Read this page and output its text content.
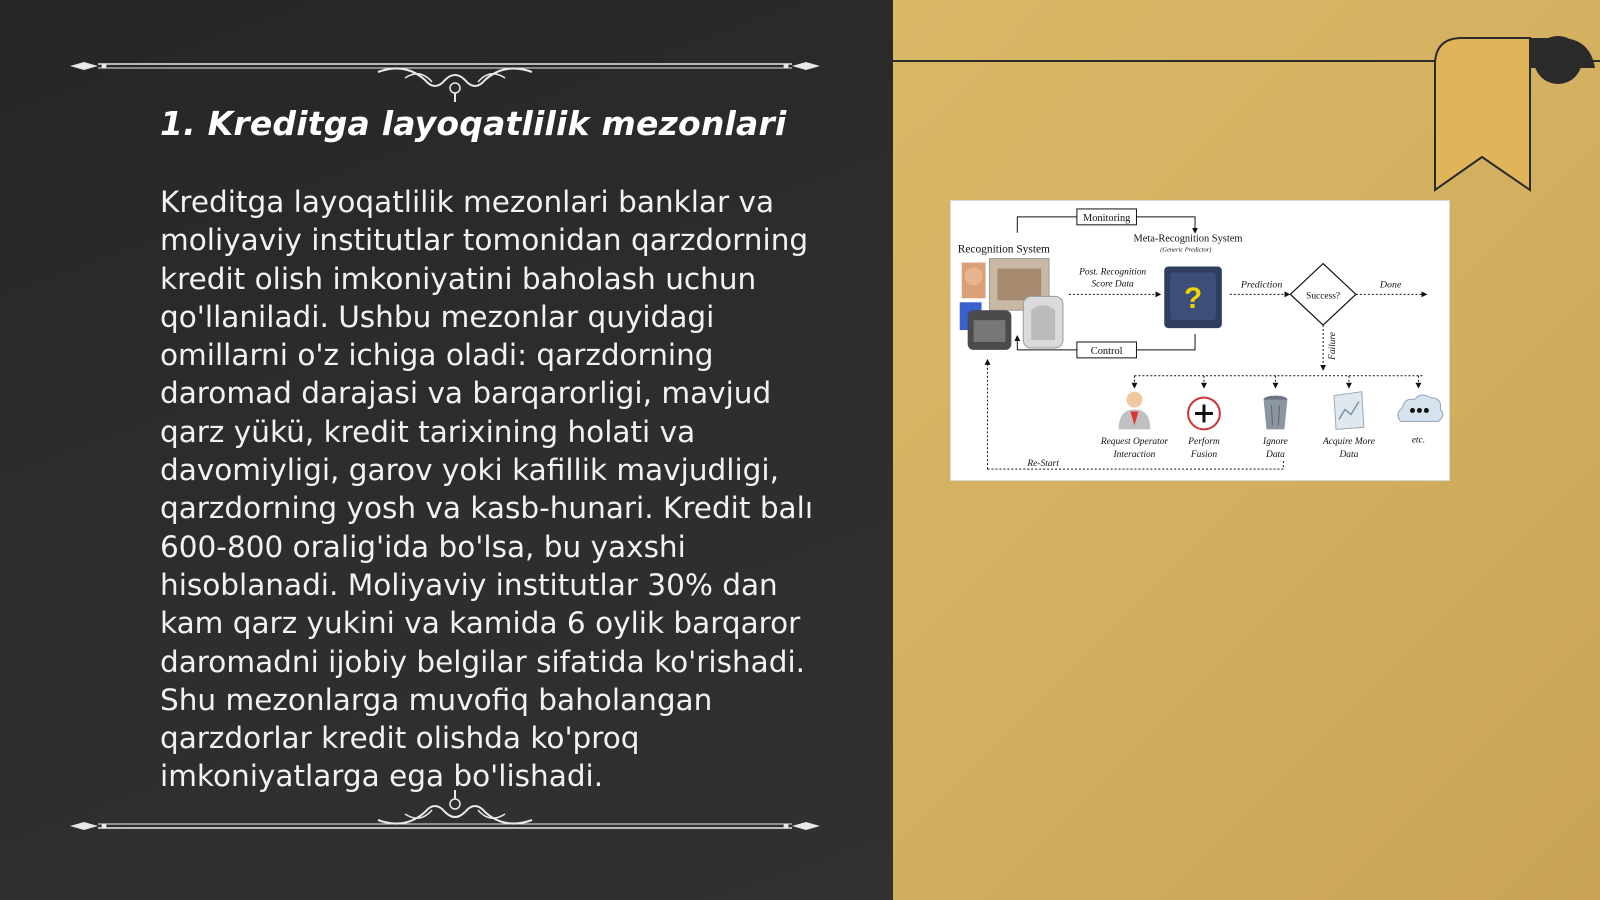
1. Kreditga layoqatlilik mezonlari
Kreditga layoqatlilik mezonlari banklar va moliyaviy institutlar tomonidan qarzdorning kredit olish imkoniyatini baholash uchun qo'llaniladi. Ushbu mezonlar quyidagi omillarni o'z ichiga oladi: qarzdorning daromad darajasi va barqarorligi, mavjud qarz yükü, kredit tarixining holati va davomiyligi, garov yoki kafillik mavjudligi, qarzdorning yosh va kasb-hunari. Kredit balı 600-800 oralig'ida bo'lsa, bu yaxshi hisoblanadi. Moliyaviy institutlar 30% dan kam qarz yukini va kamida 6 oylik barqaror daromadni ijobiy belgilar sifatida ko'rishadi. Shu mezonlarga muvofiq baholangan qarzdorlar kredit olishda ko'proq imkoniyatlarga ega bo'lishadi.
Monitoring
Recognition System
Meta-Recognition System
(Generic Predictor)
Post. Recognition
Score Data ?	Prediction
Success?
Done
Failure
Control
Request Operator
Interaction
Perform
Fusion
Ignore
Data
Acquire More
Data
etc.
Re-Start
